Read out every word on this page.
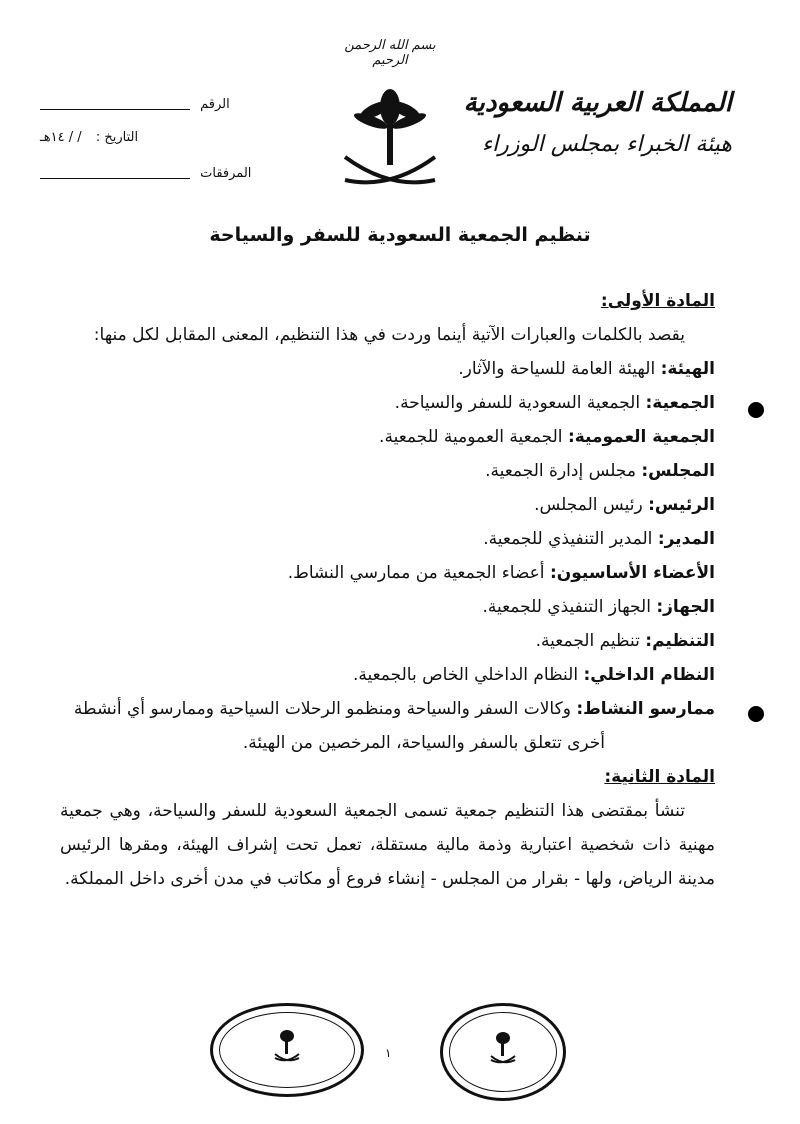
بسم الله الرحمن الرحيم
المملكة العربية السعودية
هيئة الخبراء بمجلس الوزراء
الرقم
التاريخ : / / ١٤هـ
المرفقات
تنظيم الجمعية السعودية للسفر والسياحة

المادة الأولى:

يقصد بالكلمات والعبارات الآتية أينما وردت في هذا التنظيم، المعنى المقابل لكل منها:

الهيئة: الهيئة العامة للسياحة والآثار.

الجمعية: الجمعية السعودية للسفر والسياحة.

الجمعية العمومية: الجمعية العمومية للجمعية.

المجلس: مجلس إدارة الجمعية.

الرئيس: رئيس المجلس.

المدير: المدير التنفيذي للجمعية.

الأعضاء الأساسيون: أعضاء الجمعية من ممارسي النشاط.

الجهاز: الجهاز التنفيذي للجمعية.

التنظيم: تنظيم الجمعية.

النظام الداخلي: النظام الداخلي الخاص بالجمعية.

ممارسو النشاط: وكالات السفر والسياحة ومنظمو الرحلات السياحية وممارسو أي أنشطة

أخرى تتعلق بالسفر والسياحة، المرخصين من الهيئة.

المادة الثانية:

تنشأ بمقتضى هذا التنظيم جمعية تسمى الجمعية السعودية للسفر والسياحة، وهي جمعية مهنية ذات شخصية اعتبارية وذمة مالية مستقلة، تعمل تحت إشراف الهيئة، ومقرها الرئيس مدينة الرياض، ولها - بقرار من المجلس - إنشاء فروع أو مكاتب في مدن أخرى داخل المملكة.

١
